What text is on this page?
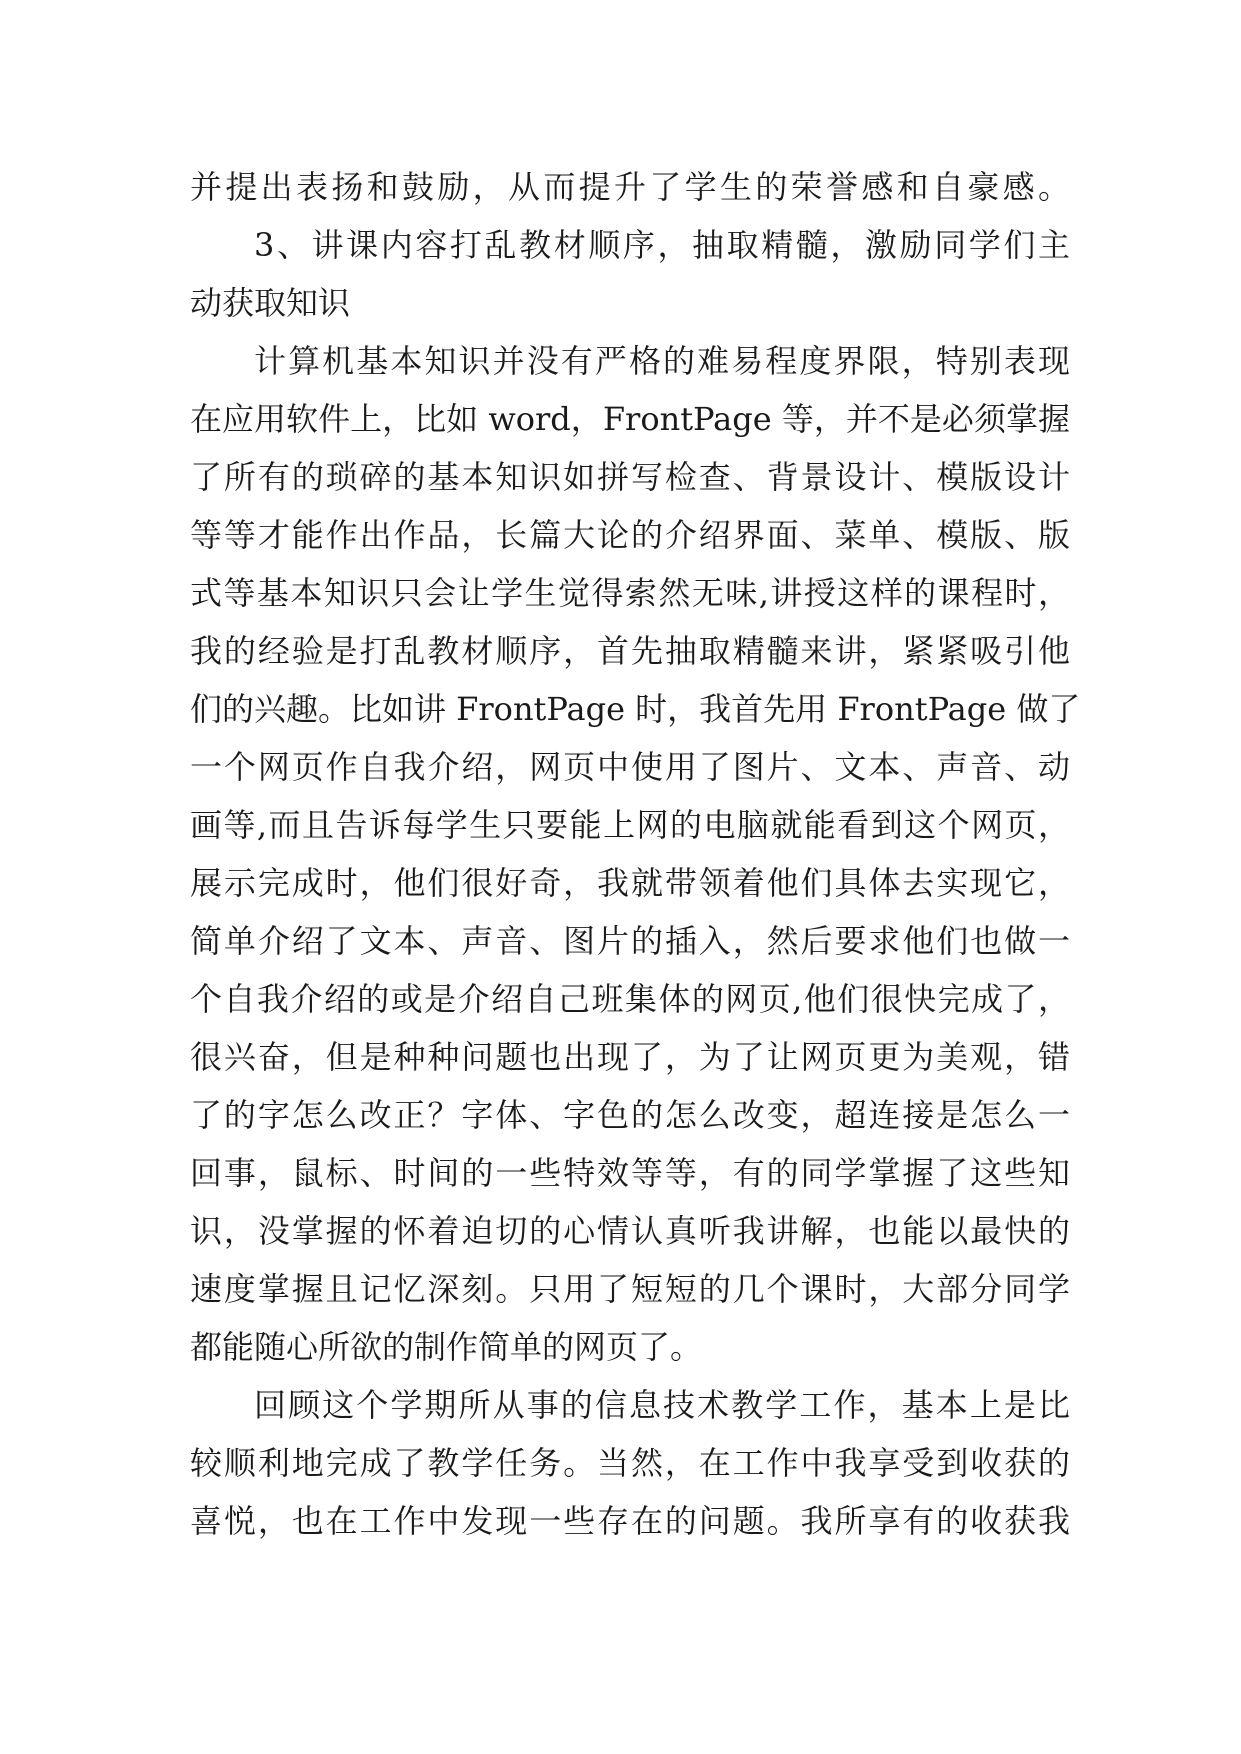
并提出表扬和鼓励，从而提升了学生的荣誉感和自豪感。
3、讲课内容打乱教材顺序，抽取精髓，激励同学们主
动获取知识
计算机基本知识并没有严格的难易程度界限，特别表现
在应用软件上，比如 word，FrontPage 等，并不是必须掌握
了所有的琐碎的基本知识如拼写检查、背景设计、模版设计
等等才能作出作品，长篇大论的介绍界面、菜单、模版、版
式等基本知识只会让学生觉得索然无味,讲授这样的课程时，
我的经验是打乱教材顺序，首先抽取精髓来讲，紧紧吸引他
们的兴趣。比如讲 FrontPage 时，我首先用 FrontPage 做了
一个网页作自我介绍，网页中使用了图片、文本、声音、动
画等,而且告诉每学生只要能上网的电脑就能看到这个网页，
展示完成时，他们很好奇，我就带领着他们具体去实现它，
简单介绍了文本、声音、图片的插入，然后要求他们也做一
个自我介绍的或是介绍自己班集体的网页,他们很快完成了，
很兴奋，但是种种问题也出现了，为了让网页更为美观，错
了的字怎么改正？字体、字色的怎么改变，超连接是怎么一
回事，鼠标、时间的一些特效等等，有的同学掌握了这些知
识，没掌握的怀着迫切的心情认真听我讲解，也能以最快的
速度掌握且记忆深刻。只用了短短的几个课时，大部分同学
都能随心所欲的制作简单的网页了。
回顾这个学期所从事的信息技术教学工作，基本上是比
较顺利地完成了教学任务。当然，在工作中我享受到收获的
喜悦，也在工作中发现一些存在的问题。我所享有的收获我
